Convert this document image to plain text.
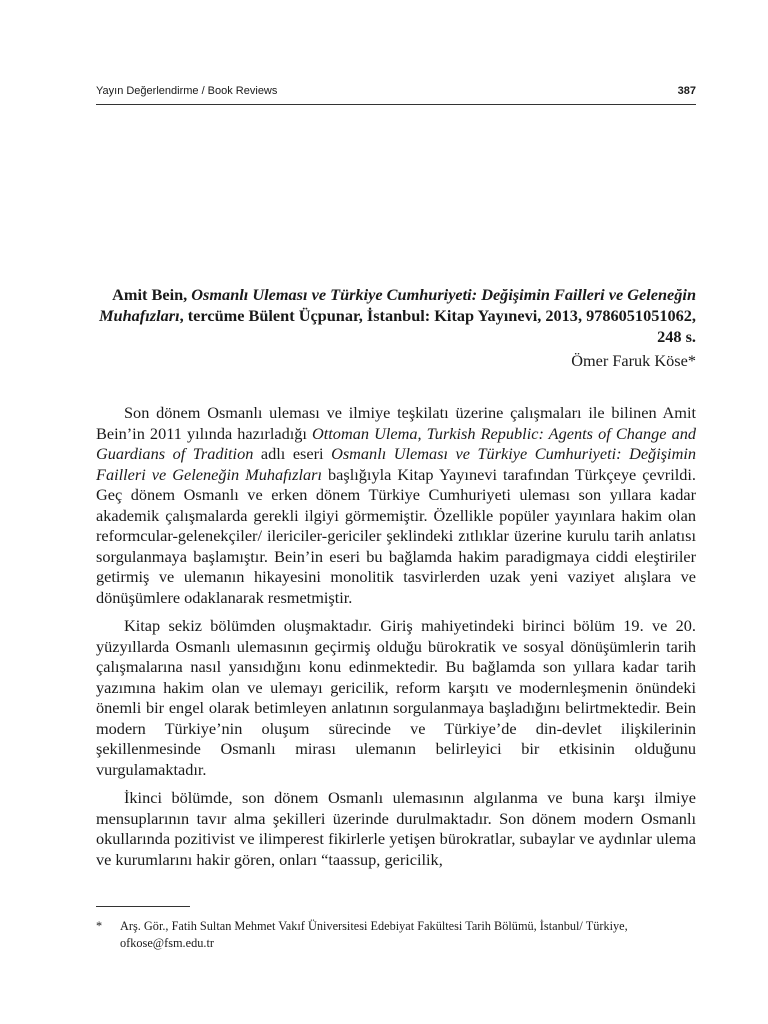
Yayın Değerlendirme / Book Reviews	387
Amit Bein, Osmanlı Uleması ve Türkiye Cumhuriyeti: Değişimin Failleri ve Geleneğin Muhafızları, tercüme Bülent Üçpunar, İstanbul: Kitap Yayınevi, 2013, 9786051051062, 248 s.
Ömer Faruk Köse*

Son dönem Osmanlı uleması ve ilmiye teşkilatı üzerine çalışmaları ile bilinen Amit Bein’in 2011 yılında hazırladığı Ottoman Ulema, Turkish Republic: Agents of Change and Guardians of Tradition adlı eseri Osmanlı Uleması ve Türkiye Cumhuriyeti: Değişimin Failleri ve Geleneğin Muhafızları başlığıyla Kitap Yayınevi tarafından Türkçeye çevrildi. Geç dönem Osmanlı ve erken dönem Türkiye Cumhuriyeti uleması son yıllara kadar akademik çalışmalarda gerekli ilgiyi görmemiştir. Özellikle popüler yayınlara hakim olan reformcular-gelenekçiler/ ilericiler-gericiler şeklindeki zıtlıklar üzerine kurulu tarih anlatısı sorgulanmaya başlamıştır. Bein’in eseri bu bağlamda hakim paradigmaya ciddi eleştiriler getirmiş ve ulemanın hikayesini monolitik tasvirlerden uzak yeni vaziyet alışlara ve dönüşümlere odaklanarak resmetmiştir.

Kitap sekiz bölümden oluşmaktadır. Giriş mahiyetindeki birinci bölüm 19. ve 20. yüzyıllarda Osmanlı ulemasının geçirmiş olduğu bürokratik ve sosyal dönüşümlerin tarih çalışmalarına nasıl yansıdığını konu edinmektedir. Bu bağlamda son yıllara kadar tarih yazımına hakim olan ve ulemayı gericilik, reform karşıtı ve modernleşmenin önündeki önemli bir engel olarak betimleyen anlatının sorgulanmaya başladığını belirtmektedir. Bein modern Türkiye’nin oluşum sürecinde ve Türkiye’de din-devlet ilişkilerinin şekillenmesinde Osmanlı mirası ulemanın belirleyici bir etkisinin olduğunu vurgulamaktadır.

İkinci bölümde, son dönem Osmanlı ulemasının algılanma ve buna karşı ilmiye mensuplarının tavır alma şekilleri üzerinde durulmaktadır. Son dönem modern Osmanlı okullarında pozitivist ve ilimperest fikirlerle yetişen bürokratlar, subaylar ve aydınlar ulema ve kurumlarını hakir gören, onları “taassup, gericilik,

* Arş. Gör., Fatih Sultan Mehmet Vakıf Üniversitesi Edebiyat Fakültesi Tarih Bölümü, İstanbul/ Türkiye, ofkose@fsm.edu.tr
